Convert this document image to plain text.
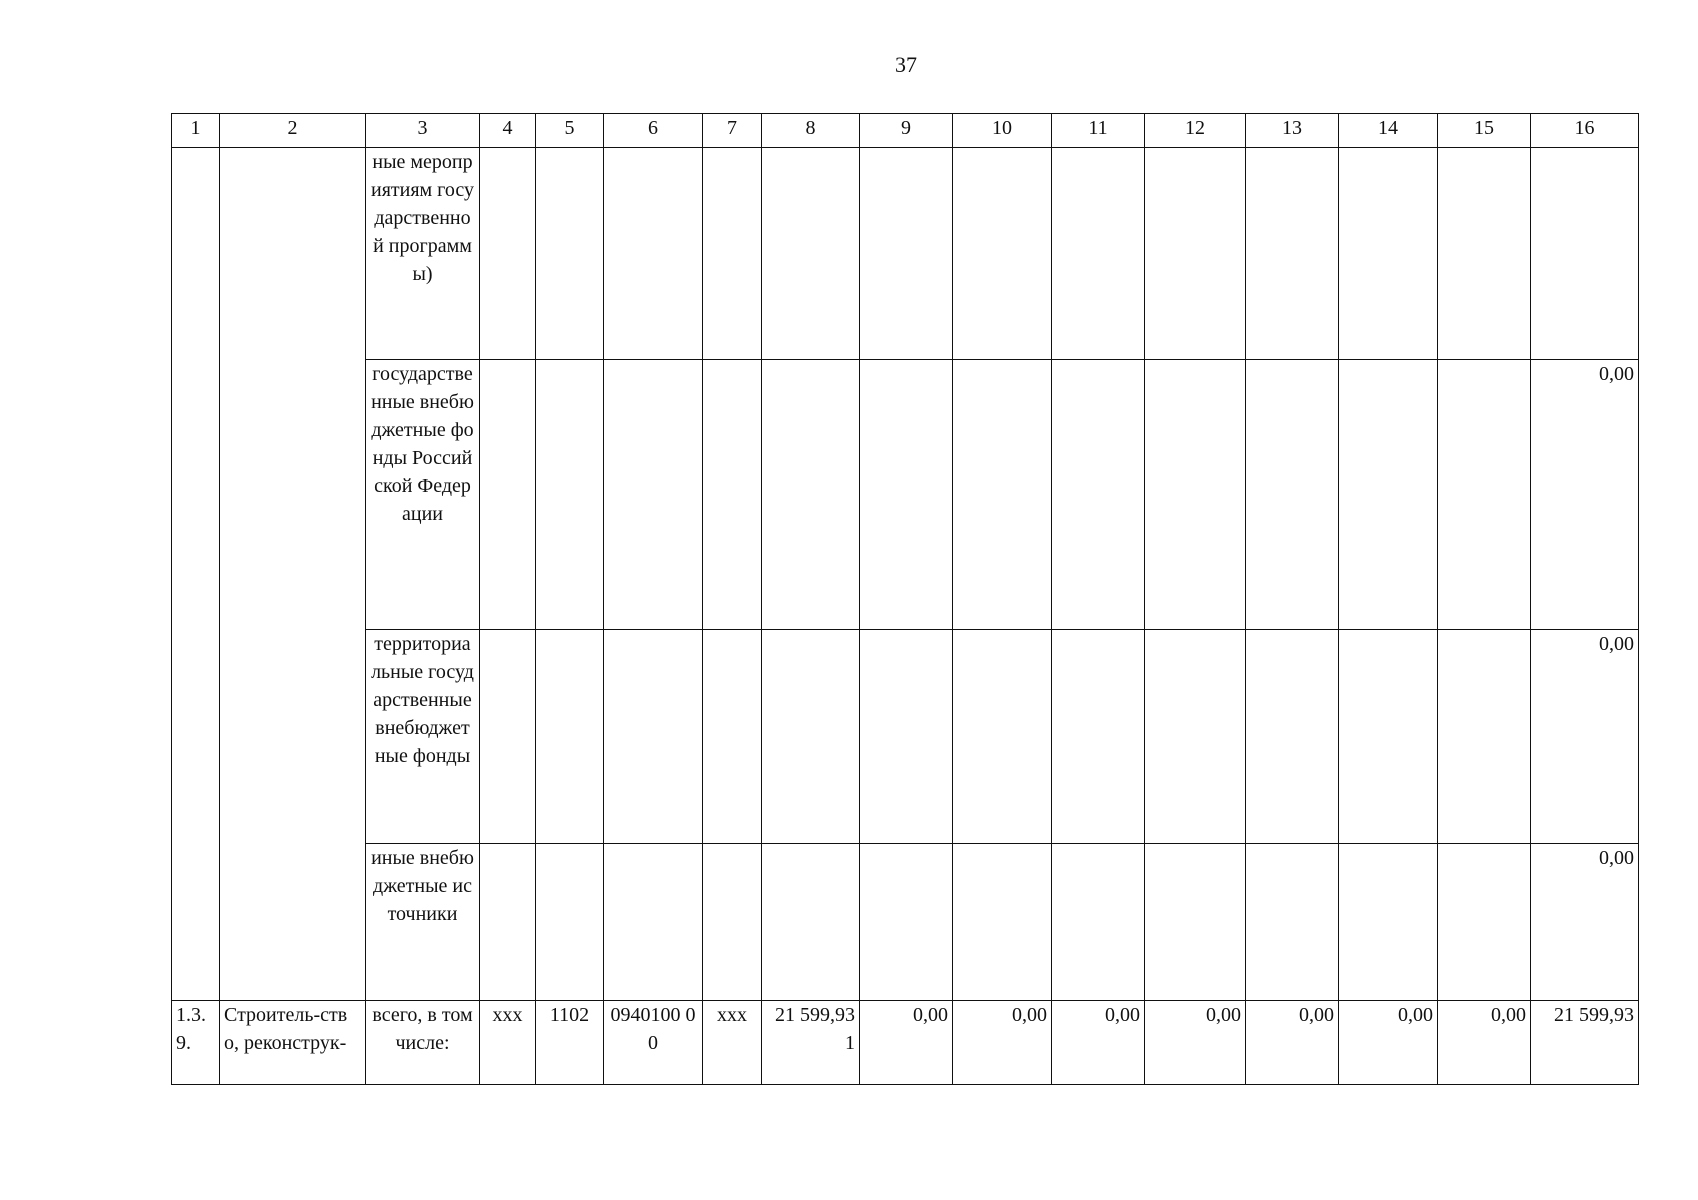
37
1	2	3	4	5	6	7	8	9	10	11	12	13	14	15	16
		ные мероприятиям государственной программы)													
		государственные внебюджетные фонды Российской Федерации													0,00
		территориальные государственные внебюджетные фонды													0,00
		иные внебюджетные источники													0,00
1.3.9.	Строитель-ство, реконструк-	всего, в том числе:	xxx	1102	0940100 00	xxx	21 599,931	0,00	0,00	0,00	0,00	0,00	0,00	0,00	21 599,93
